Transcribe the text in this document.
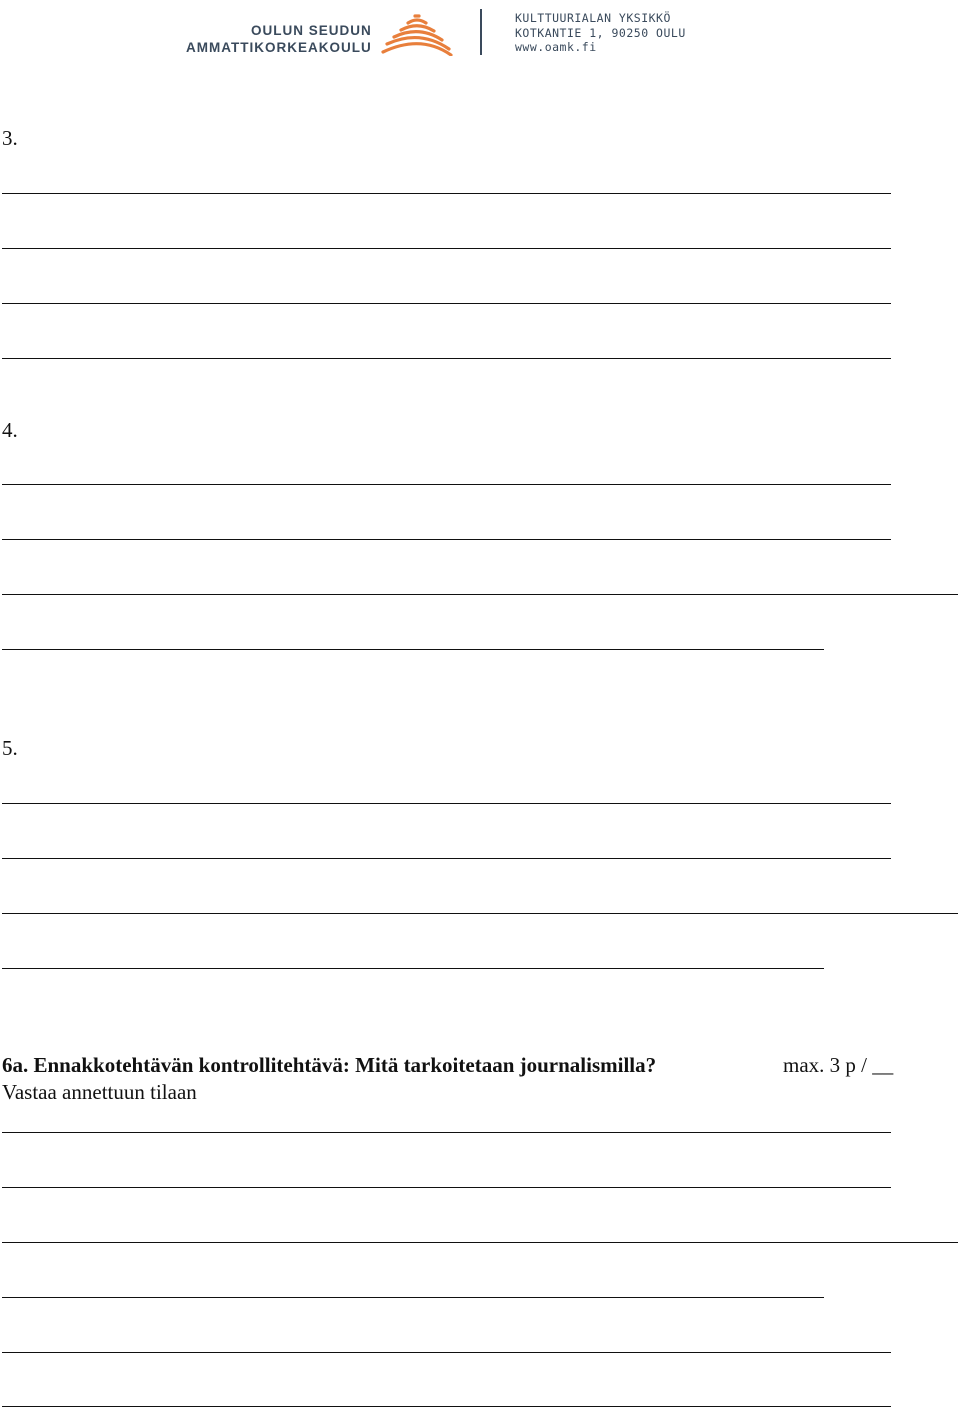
OULUN SEUDUN
AMMATTIKORKEAKOULU
KULTTUURIALAN YKSIKKÖ
KOTKANTIE 1, 90250 OULU
www.oamk.fi
3.
4.
5.
6a. Ennakkotehtävän kontrollitehtävä: Mitä tarkoitetaan journalismilla?	max. 3 p / __
Vastaa annettuun tilaan
